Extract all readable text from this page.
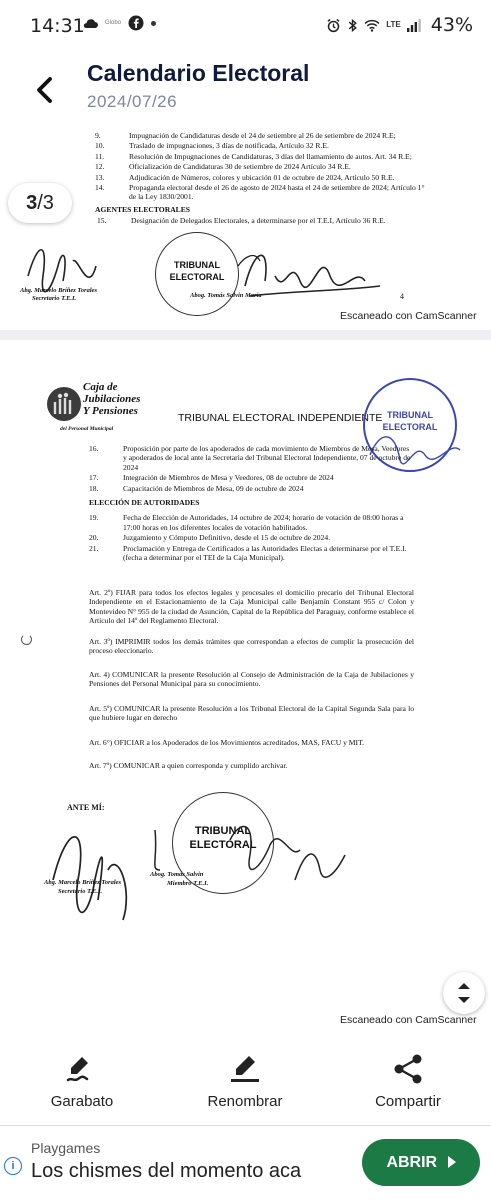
14:31	Globo	LTE 43%
Calendario Electoral
2024/07/26
9.	Impugnación de Candidaturas desde el 24 de setiembre al 26 de setiembre de 2024 R.E;
10.	Traslado de impugnaciones, 3 días de notificada, Artículo 32 R.E.
11.	Resolución de Impugnaciones de Candidaturas, 3 días del llamamiento de autos. Art. 34 R.E;
12.	Oficialización de Candidaturas 30 de setiembre de 2024 Artículo 34 R.E.
13.	Adjudicación de Números, colores y ubicación 01 de octubre de 2024, Artículo 50 R.E.
14.	Propaganda electoral desde el 26 de agosto de 2024 hasta el 24 de setiembre de 2024; Artículo 1° de la Ley 1830/2001.
AGENTES ELECTORALES
15.	Designación de Delegados Electorales, a determinarse por el T.E.I, Artículo 36 R.E.
Abg. Marcelo Bríñez Torales
Secretario T.E.I.
TRIBUNAL
ELECTORAL
Abog. Tomás Salvin Maria	4
Escaneado con CamScanner
Caja de
Jubilaciones
Y Pensiones
del Personal Municipal
TRIBUNAL ELECTORAL INDEPENDIENTE TRIBUNAL
ELECTORAL
16.	Proposición por parte de los apoderados de cada movimiento de Miembros de Mesa, Veedores y apoderados de local ante la Secretaria del Tribunal Electoral Independiente, 07 de octubre de 2024
17.	Integración de Miembros de Mesa y Veedores, 08 de octubre de 2024
18.	Capacitación de Miembros de Mesa, 09 de octubre de 2024
ELECCIÓN DE AUTORIDADES
19.	Fecha de Elección de Autoridades, 14 octubre de 2024; horario de votación de 08:00 horas a 17:00 horas en los diferentes locales de votación habilitados.
20.	Juzgamiento y Cómputo Definitivo, desde el 15 de octubre de 2024.
21.	Proclamación y Entrega de Certificados a las Autoridades Electas a determinarse por el T.E.I. (fecha a determinar por el TEI de la Caja Municipal).
Art. 2º) FIJAR para todos los efectos legales y procesales el domicilio precario del Tribunal Electoral Independiente en el Estacionamiento de la Caja Municipal calle Benjamín Constant 955 c/ Colon y Montevideo N° 955 de la ciudad de Asunción, Capital de la República del Paraguay, conforme establece el Artículo del 14º del Reglamento Electoral.
Art. 3º) IMPRIMIR todos los demás trámites que correspondan a efectos de cumplir la prosecución del proceso eleccionario.
Art. 4) COMUNICAR la presente Resolución al Consejo de Administración de la Caja de Jubilaciones y Pensiones del Personal Municipal para su conocimiento.
Art. 5º) COMUNICAR la presente Resolución a los Tribunal Electoral de la Capital Segunda Sala para lo que hubiere lugar en derecho
Art. 6°) OFICIAR a los Apoderados de los Movimientos acreditados, MAS, FACU y MIT.
Art. 7º) COMUNICAR a quien corresponda y cumplido archivar.
ANTE MÍ:
Abg. Marcelo Bríñez Torales
Secretario T.E.I.
TRIBUNAL
ELECTORAL
Abog. Tomás Salvin
Miembro T.E.I.
Escaneado con CamScanner
3/3
Garabato	Renombrar	Compartir
i
Playgames
Los chismes del momento aca	ABRIR
